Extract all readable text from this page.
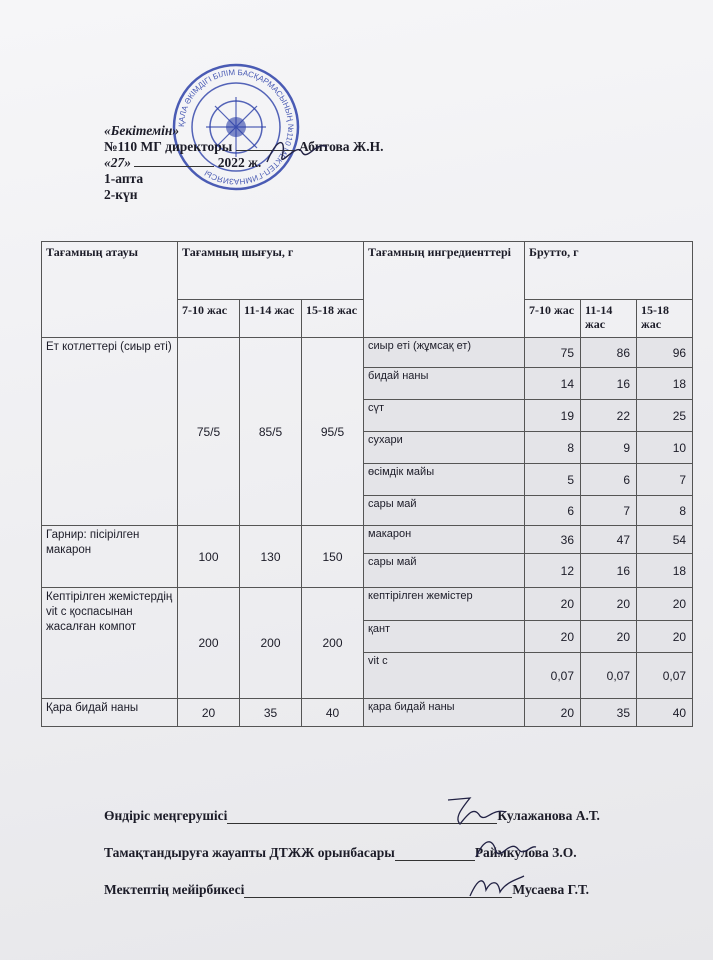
ҚАЛА ӘКІМДІГІ БІЛІМ БАСҚАРМАСЫНЫҢ №110 МЕКТЕП-ГИМНАЗИЯСЫ
«Бекітемін»
№110 МГ директоры	Абитова Ж.Н.
«27»	2022 ж.
1-апта
2-күн
Тағамның атауы	Тағамның шығуы, г			Тағамның ингредиенттері	Брутто, г		
	7-10 жас	11-14 жас	15-18 жас		7-10 жас	11-14 жас	15-18 жас
Ет котлеттері (сиыр еті)	75/5	85/5	95/5	сиыр еті (жұмсақ ет)	75	86	96
				бидай наны	14	16	18
				сүт	19	22	25
				сухари	8	9	10
				өсімдік майы	5	6	7
				сары май	6	7	8
Гарнир: пісірілген макарон	100	130	150	макарон	36	47	54
				сары май	12	16	18
Кептірілген жемістердің vit c қоспасынан жасалған компот	200	200	200	кептірілген жемістер	20	20	20
				қант	20	20	20
				vit c	0,07	0,07	0,07
Қара бидай наны	20	35	40	қара бидай наны	20	35	40
Өндіріс меңгерушісі	Кулажанова А.Т.
Тамақтандыруға жауапты ДТЖЖ орынбасары	Раймкулова З.О.
Мектептің мейірбикесі	Мусаева Г.Т.
